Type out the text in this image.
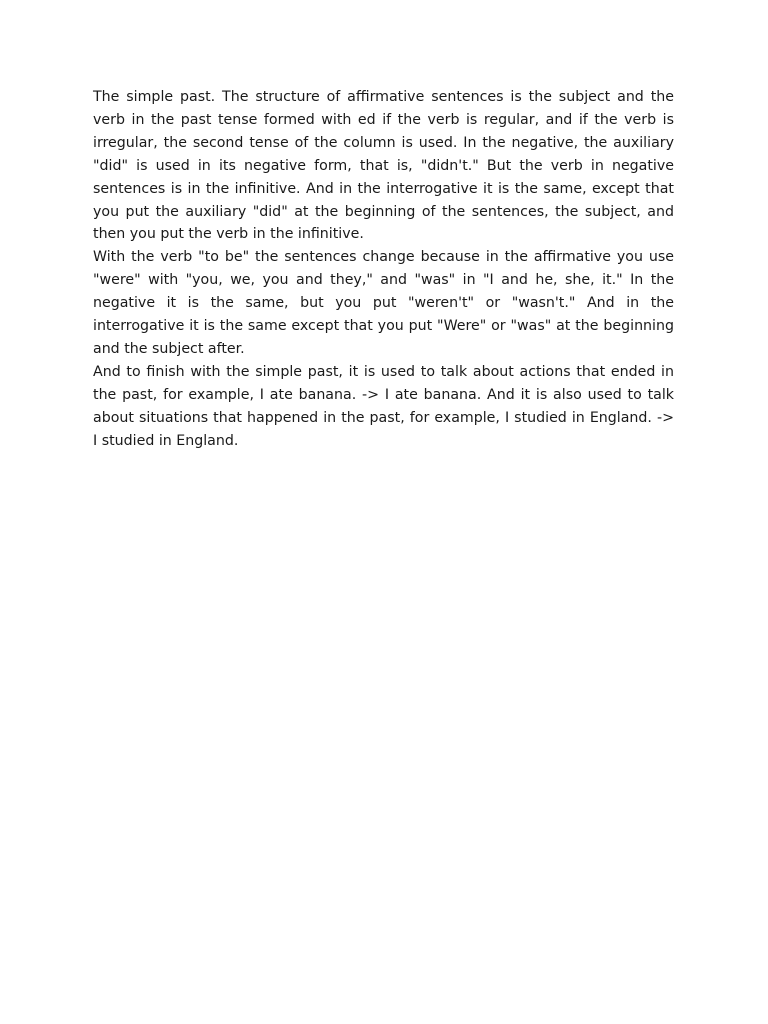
The simple past. The structure of affirmative sentences is the subject and the verb in the past tense formed with ed if the verb is regular, and if the verb is irregular, the second tense of the column is used. In the negative, the auxiliary "did" is used in its negative form, that is, "didn't." But the verb in negative sentences is in the infinitive. And in the interrogative it is the same, except that you put the auxiliary "did" at the beginning of the sentences, the subject, and then you put the verb in the infinitive.

With the verb "to be" the sentences change because in the affirmative you use "were" with "you, we, you and they," and "was" in "I and he, she, it." In the negative it is the same, but you put "weren't" or "wasn't." And in the interrogative it is the same except that you put "Were" or "was" at the beginning and the subject after.

And to finish with the simple past, it is used to talk about actions that ended in the past, for example, I ate banana. -> I ate banana. And it is also used to talk about situations that happened in the past, for example, I studied in England. -> I studied in England.
